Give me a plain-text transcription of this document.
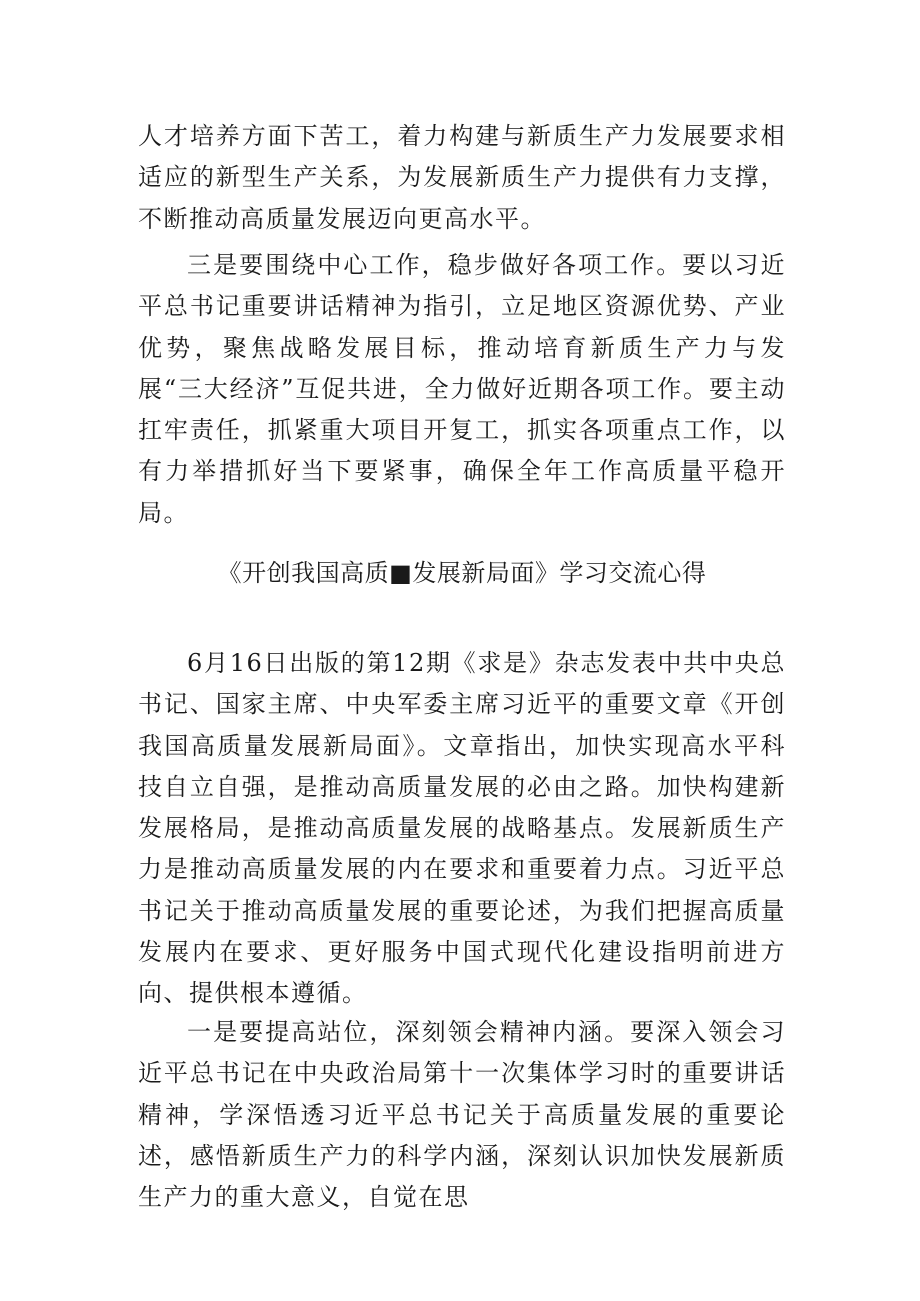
人才培养方面下苦工，着力构建与新质生产力发展要求相适应的新型生产关系，为发展新质生产力提供有力支撑，不断推动高质量发展迈向更高水平。

三是要围绕中心工作，稳步做好各项工作。要以习近平总书记重要讲话精神为指引，立足地区资源优势、产业优势，聚焦战略发展目标，推动培育新质生产力与发展“三大经济”互促共进，全力做好近期各项工作。要主动扛牢责任，抓紧重大项目开复工，抓实各项重点工作，以有力举措抓好当下要紧事，确保全年工作高质量平稳开局。

《开创我国高质■发展新局面》学习交流心得

6月16日出版的第12期《求是》杂志发表中共中央总书记、国家主席、中央军委主席习近平的重要文章《开创我国高质量发展新局面》。文章指出，加快实现高水平科技自立自强，是推动高质量发展的必由之路。加快构建新发展格局，是推动高质量发展的战略基点。发展新质生产力是推动高质量发展的内在要求和重要着力点。习近平总书记关于推动高质量发展的重要论述，为我们把握高质量发展内在要求、更好服务中国式现代化建设指明前进方向、提供根本遵循。

一是要提高站位，深刻领会精神内涵。要深入领会习近平总书记在中央政治局第十一次集体学习时的重要讲话精神，学深悟透习近平总书记关于高质量发展的重要论述，感悟新质生产力的科学内涵，深刻认识加快发展新质生产力的重大意义，自觉在思
